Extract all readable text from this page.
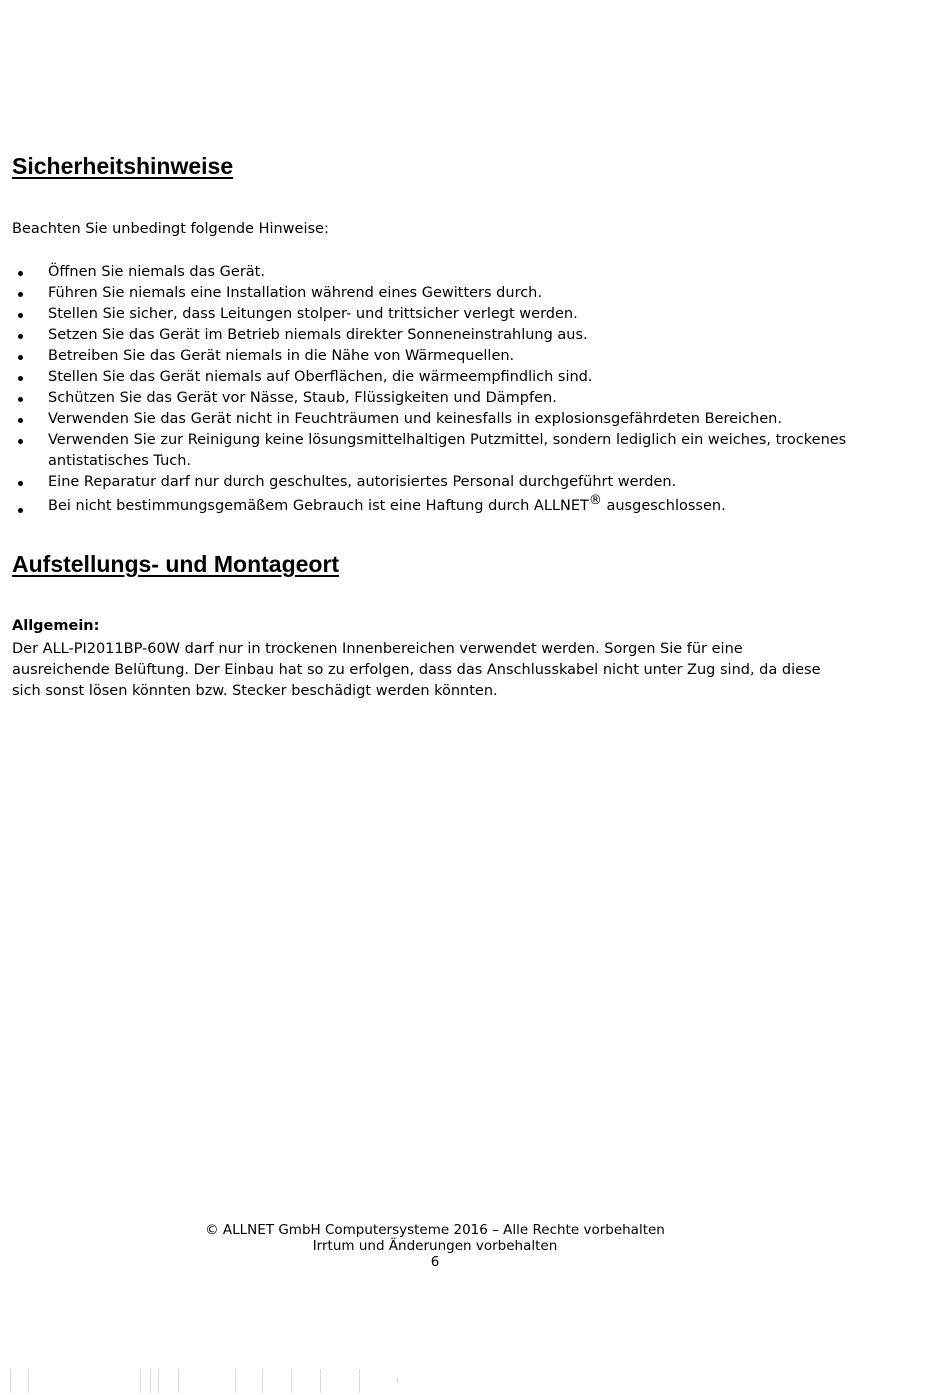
Sicherheitshinweise
Beachten Sie unbedingt folgende Hinweise:
Öffnen Sie niemals das Gerät.
Führen Sie niemals eine Installation während eines Gewitters durch.
Stellen Sie sicher, dass Leitungen stolper- und trittsicher verlegt werden.
Setzen Sie das Gerät im Betrieb niemals direkter Sonneneinstrahlung aus.
Betreiben Sie das Gerät niemals in die Nähe von Wärmequellen.
Stellen Sie das Gerät niemals auf Oberflächen, die wärmeempfindlich sind.
Schützen Sie das Gerät vor Nässe, Staub, Flüssigkeiten und Dämpfen.
Verwenden Sie das Gerät nicht in Feuchträumen und keinesfalls in explosionsgefährdeten Bereichen.
Verwenden Sie zur Reinigung keine lösungsmittelhaltigen Putzmittel, sondern lediglich ein weiches, trockenes antistatisches Tuch.
Eine Reparatur darf nur durch geschultes, autorisiertes Personal durchgeführt werden.
Bei nicht bestimmungsgemäßem Gebrauch ist eine Haftung durch ALLNET® ausgeschlossen.
Aufstellungs- und Montageort
Allgemein:
Der ALL-PI2011BP-60W darf nur in trockenen Innenbereichen verwendet werden. Sorgen Sie für eine ausreichende Belüftung. Der Einbau hat so zu erfolgen, dass das Anschlusskabel nicht unter Zug sind, da diese sich sonst lösen könnten bzw. Stecker beschädigt werden könnten.
© ALLNET GmbH Computersysteme 2016 – Alle Rechte vorbehalten
Irrtum und Änderungen vorbehalten
6
